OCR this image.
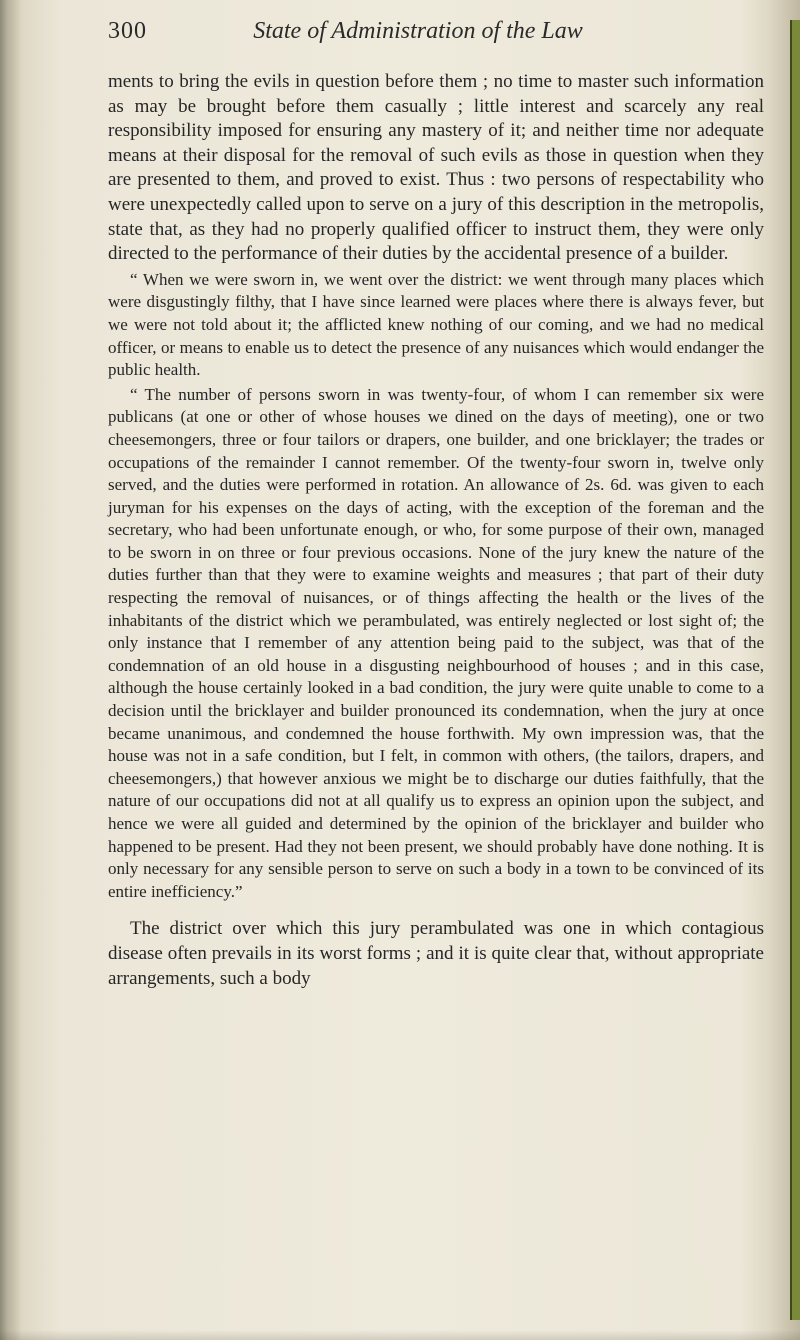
300	State of Administration of the Law

ments to bring the evils in question before them ; no time to master such information as may be brought before them casually ; little interest and scarcely any real responsibility imposed for ensuring any mastery of it; and neither time nor adequate means at their disposal for the removal of such evils as those in question when they are presented to them, and proved to exist. Thus : two persons of respectability who were unexpectedly called upon to serve on a jury of this description in the metropolis, state that, as they had no properly qualified officer to instruct them, they were only directed to the performance of their duties by the accidental presence of a builder.

“ When we were sworn in, we went over the district: we went through many places which were disgustingly filthy, that I have since learned were places where there is always fever, but we were not told about it; the afflicted knew nothing of our coming, and we had no medical officer, or means to enable us to detect the presence of any nuisances which would endanger the public health.

“ The number of persons sworn in was twenty-four, of whom I can remember six were publicans (at one or other of whose houses we dined on the days of meeting), one or two cheesemongers, three or four tailors or drapers, one builder, and one bricklayer; the trades or occupations of the remainder I cannot remember. Of the twenty-four sworn in, twelve only served, and the duties were performed in rotation. An allowance of 2s. 6d. was given to each juryman for his expenses on the days of acting, with the exception of the foreman and the secretary, who had been unfortunate enough, or who, for some purpose of their own, managed to be sworn in on three or four previous occasions. None of the jury knew the nature of the duties further than that they were to examine weights and measures ; that part of their duty respecting the removal of nuisances, or of things affecting the health or the lives of the inhabitants of the district which we perambulated, was entirely neglected or lost sight of; the only instance that I remember of any attention being paid to the subject, was that of the condemnation of an old house in a disgusting neighbourhood of houses ; and in this case, although the house certainly looked in a bad condition, the jury were quite unable to come to a decision until the bricklayer and builder pronounced its condemnation, when the jury at once became unanimous, and condemned the house forthwith. My own impression was, that the house was not in a safe condition, but I felt, in common with others, (the tailors, drapers, and cheesemongers,) that however anxious we might be to discharge our duties faithfully, that the nature of our occupations did not at all qualify us to express an opinion upon the subject, and hence we were all guided and determined by the opinion of the bricklayer and builder who happened to be present. Had they not been present, we should probably have done nothing. It is only necessary for any sensible person to serve on such a body in a town to be convinced of its entire inefficiency.”

The district over which this jury perambulated was one in which contagious disease often prevails in its worst forms ; and it is quite clear that, without appropriate arrangements, such a body
